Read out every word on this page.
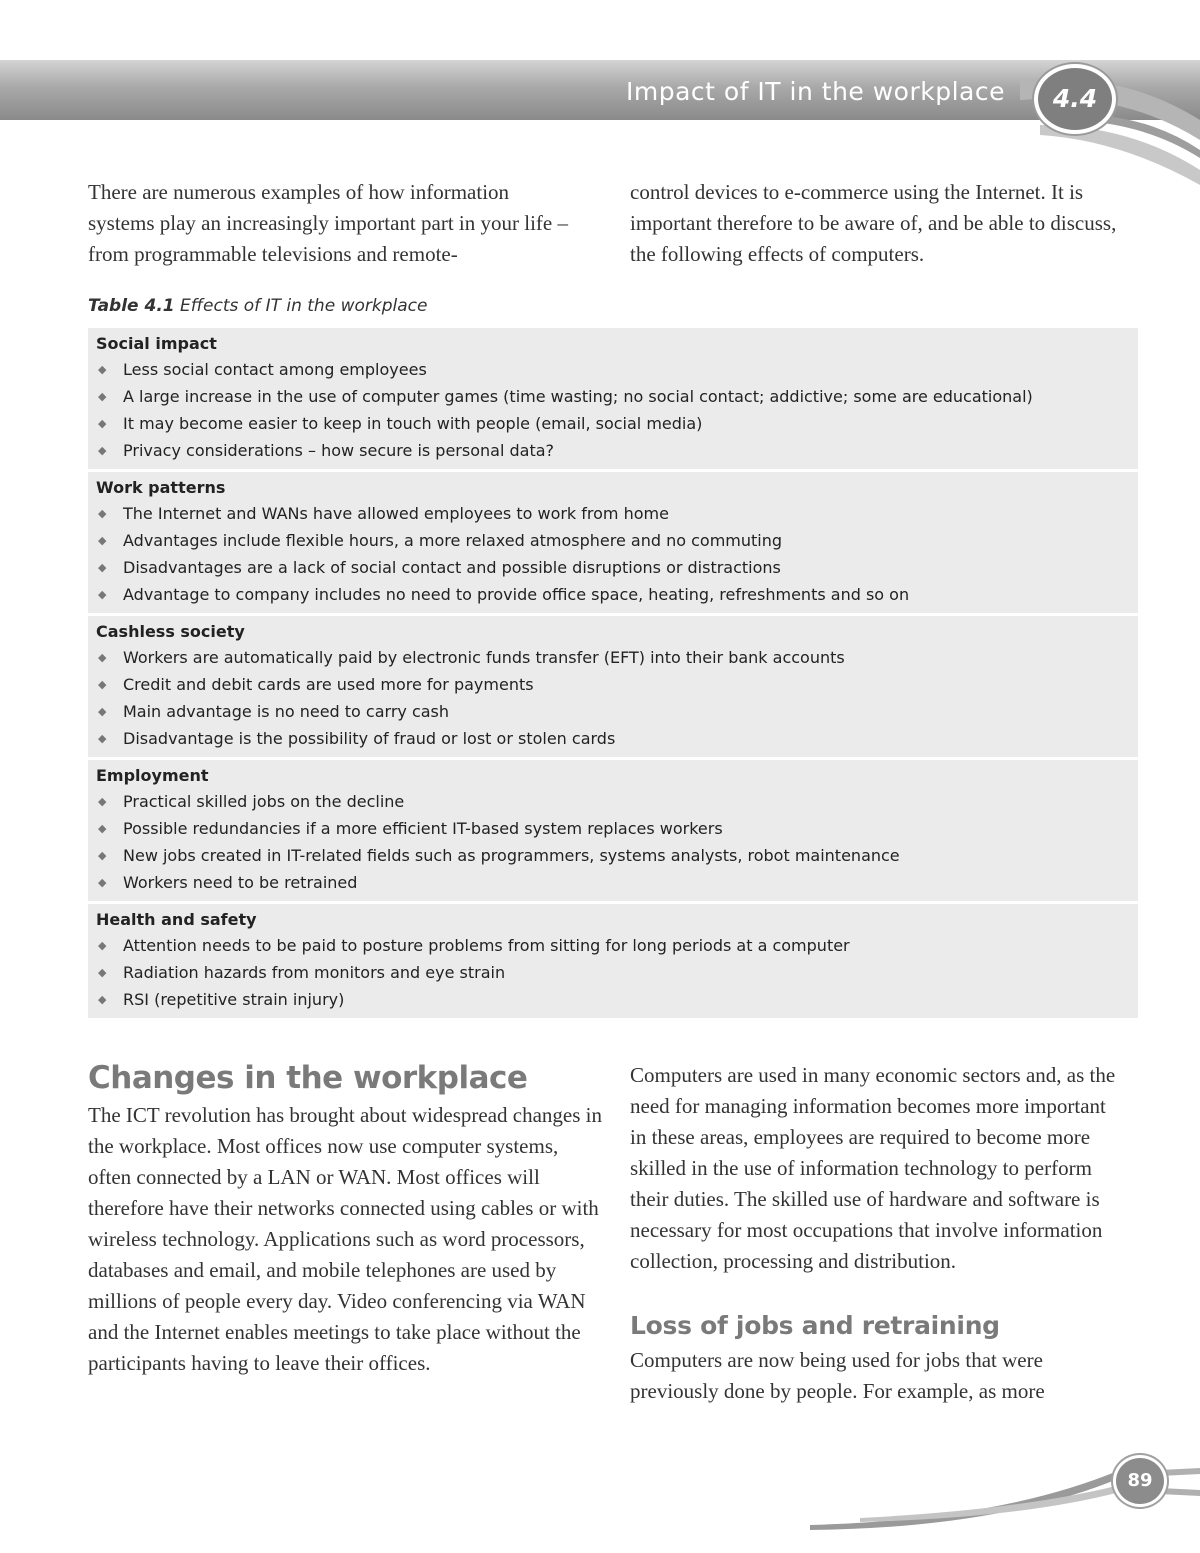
Impact of IT in the workplace	4.4

There are numerous examples of how information systems play an increasingly important part in your life – from programmable televisions and remote-

control devices to e-commerce using the Internet. It is important therefore to be aware of, and be able to discuss, the following effects of computers.

Table 4.1 Effects of IT in the workplace

Social impact

◆ Less social contact among employees
◆ A large increase in the use of computer games (time wasting; no social contact; addictive; some are educational)
◆ It may become easier to keep in touch with people (email, social media)
◆ Privacy considerations – how secure is personal data?

Work patterns

◆ The Internet and WANs have allowed employees to work from home
◆ Advantages include flexible hours, a more relaxed atmosphere and no commuting
◆ Disadvantages are a lack of social contact and possible disruptions or distractions
◆ Advantage to company includes no need to provide office space, heating, refreshments and so on

Cashless society

◆ Workers are automatically paid by electronic funds transfer (EFT) into their bank accounts
◆ Credit and debit cards are used more for payments
◆ Main advantage is no need to carry cash
◆ Disadvantage is the possibility of fraud or lost or stolen cards

Employment

◆ Practical skilled jobs on the decline
◆ Possible redundancies if a more efficient IT-based system replaces workers
◆ New jobs created in IT-related fields such as programmers, systems analysts, robot maintenance
◆ Workers need to be retrained

Health and safety

◆ Attention needs to be paid to posture problems from sitting for long periods at a computer
◆ Radiation hazards from monitors and eye strain
◆ RSI (repetitive strain injury)
Changes in the workplace

The ICT revolution has brought about widespread changes in the workplace. Most offices now use computer systems, often connected by a LAN or WAN. Most offices will therefore have their networks connected using cables or with wireless technology. Applications such as word processors, databases and email, and mobile telephones are used by millions of people every day. Video conferencing via WAN and the Internet enables meetings to take place without the participants having to leave their offices.

Computers are used in many economic sectors and, as the need for managing information becomes more important in these areas, employees are required to become more skilled in the use of information technology to perform their duties. The skilled use of hardware and software is necessary for most occupations that involve information collection, processing and distribution.

Loss of jobs and retraining

Computers are now being used for jobs that were previously done by people. For example, as more

89
